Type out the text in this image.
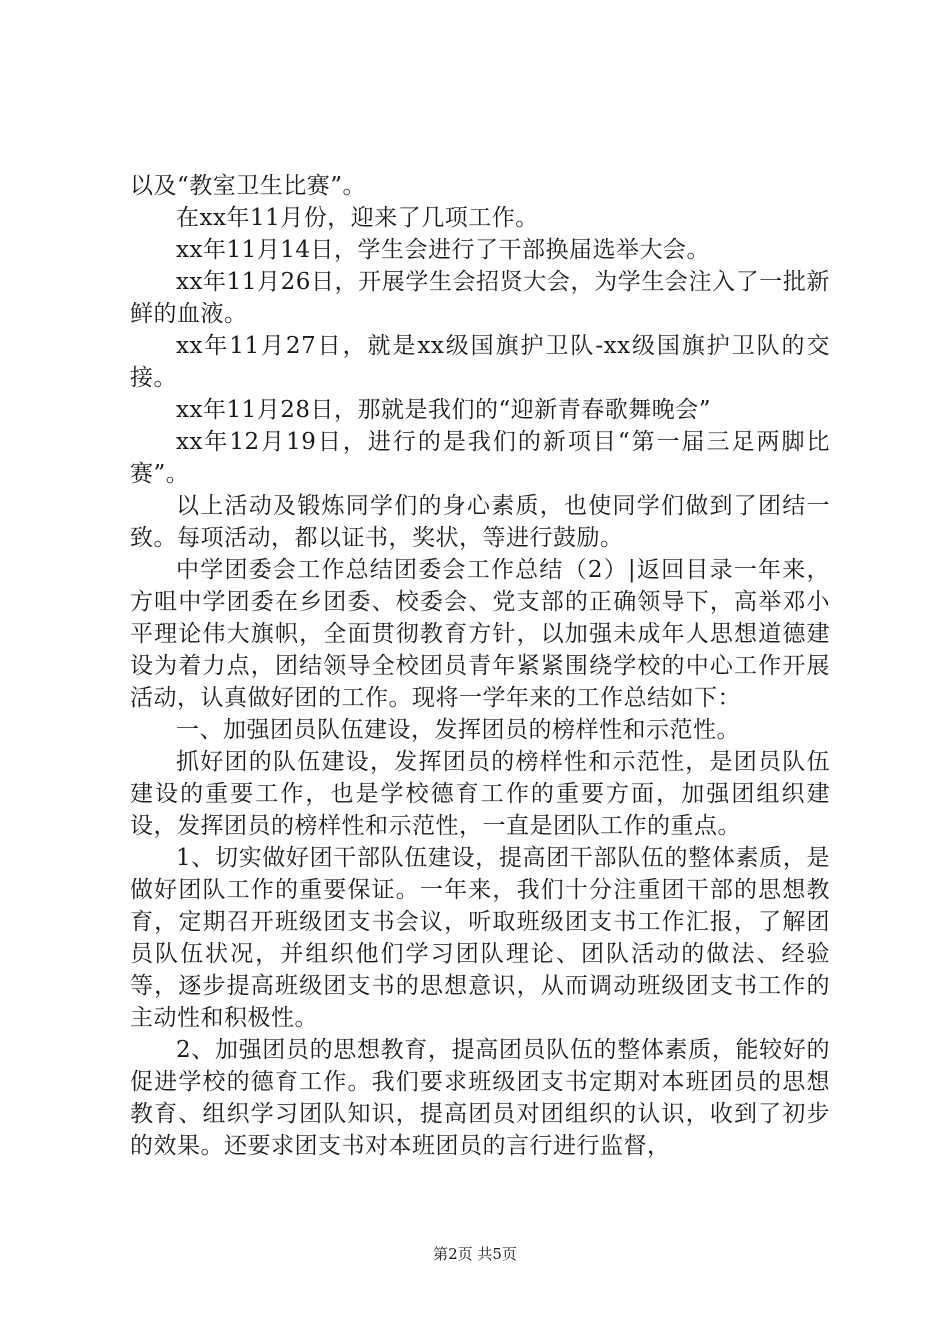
以及“教室卫生比赛”。

在xx年11月份，迎来了几项工作。

xx年11月14日，学生会进行了干部换届选举大会。

xx年11月26日，开展学生会招贤大会，为学生会注入了一批新鲜的血液。

xx年11月27日，就是xx级国旗护卫队-xx级国旗护卫队的交接。

xx年11月28日，那就是我们的“迎新青春歌舞晚会”

xx年12月19日，进行的是我们的新项目“第一届三足两脚比赛”。

以上活动及锻炼同学们的身心素质，也使同学们做到了团结一致。每项活动，都以证书，奖状，等进行鼓励。

中学团委会工作总结团委会工作总结（2）|返回目录一年来，方咀中学团委在乡团委、校委会、党支部的正确领导下，高举邓小平理论伟大旗帜，全面贯彻教育方针，以加强未成年人思想道德建设为着力点，团结领导全校团员青年紧紧围绕学校的中心工作开展活动，认真做好团的工作。现将一学年来的工作总结如下：

一、加强团员队伍建设，发挥团员的榜样性和示范性。

抓好团的队伍建设，发挥团员的榜样性和示范性，是团员队伍建设的重要工作，也是学校德育工作的重要方面，加强团组织建设，发挥团员的榜样性和示范性，一直是团队工作的重点。

1、切实做好团干部队伍建设，提高团干部队伍的整体素质，是做好团队工作的重要保证。一年来，我们十分注重团干部的思想教育，定期召开班级团支书会议，听取班级团支书工作汇报，了解团员队伍状况，并组织他们学习团队理论、团队活动的做法、经验等，逐步提高班级团支书的思想意识，从而调动班级团支书工作的主动性和积极性。

2、加强团员的思想教育，提高团员队伍的整体素质，能较好的促进学校的德育工作。我们要求班级团支书定期对本班团员的思想教育、组织学习团队知识，提高团员对团组织的认识，收到了初步的效果。还要求团支书对本班团员的言行进行监督，

第2页 共5页
